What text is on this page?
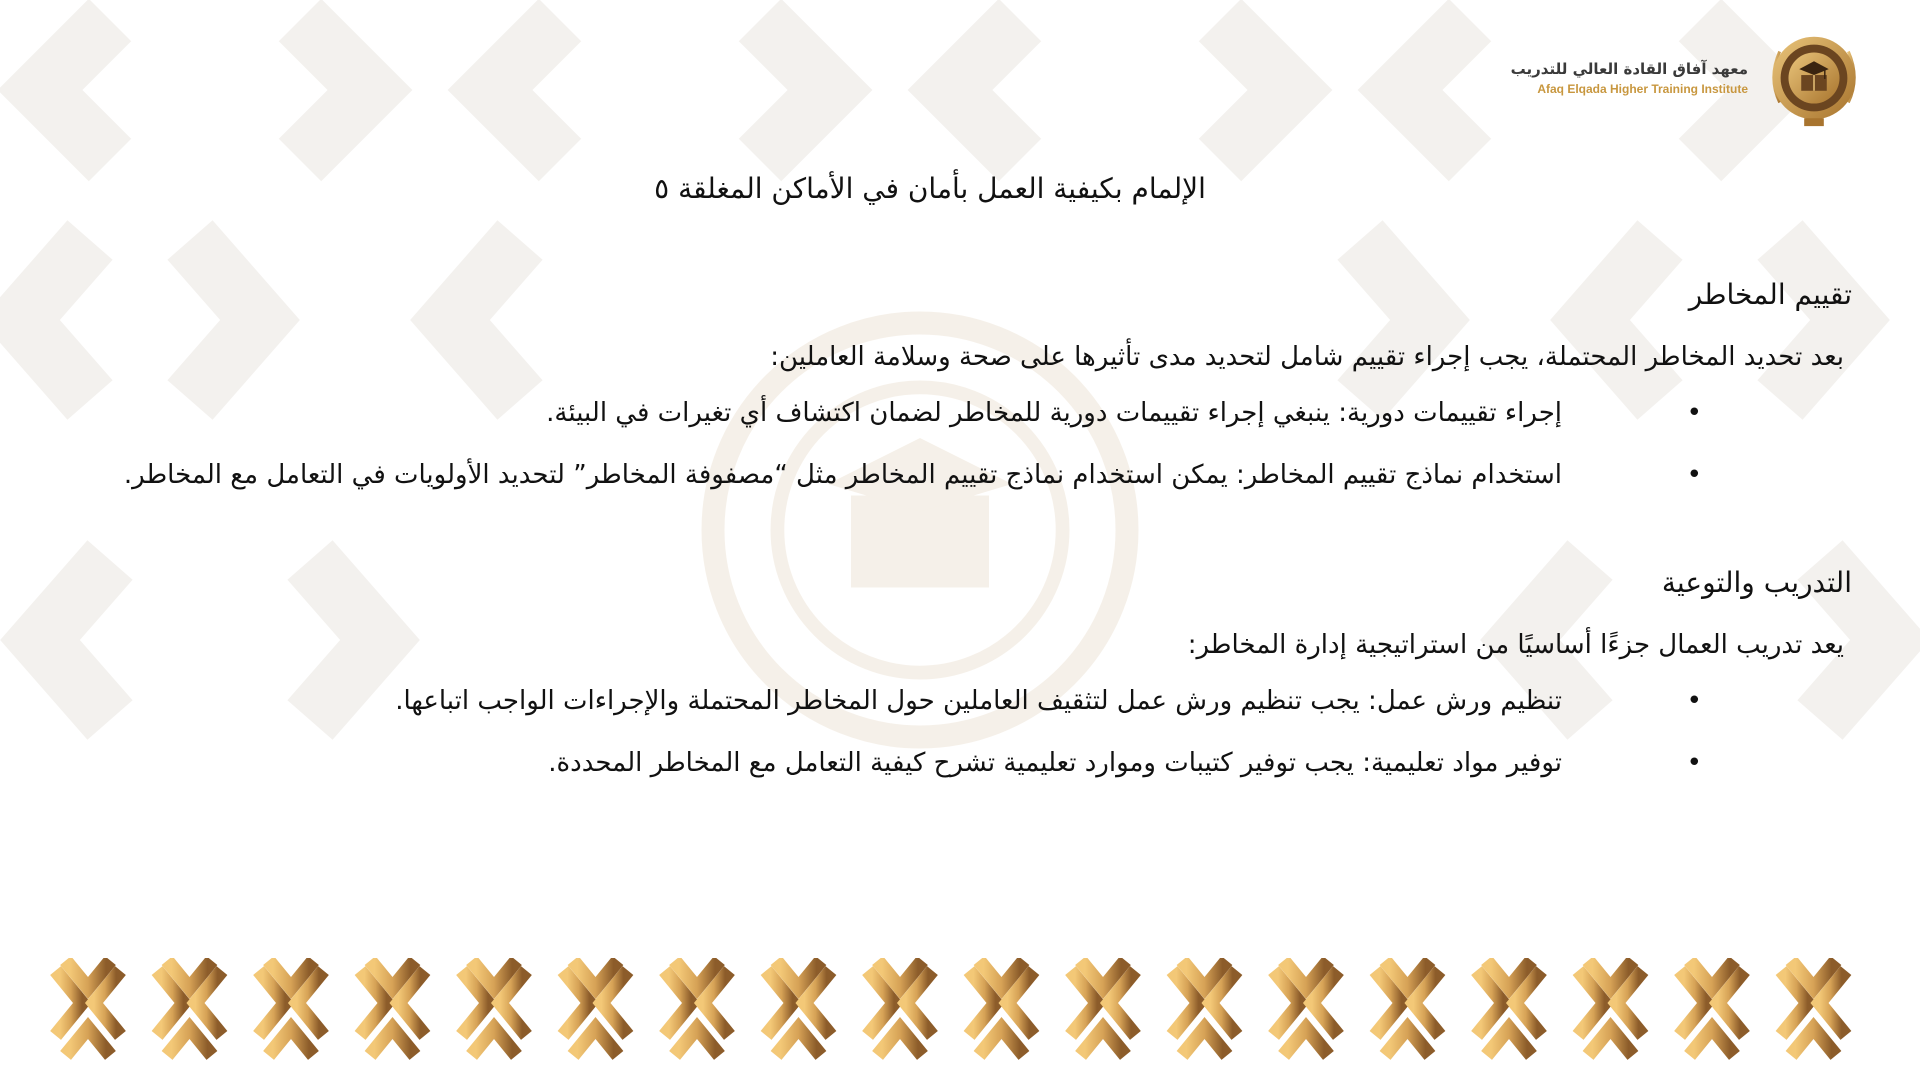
معهد آفاق القادة العالي للتدريب
Afaq Elqada Higher Training Institute
الإلمام بكيفية العمل بأمان في الأماكن المغلقة ٥
تقييم المخاطر
بعد تحديد المخاطر المحتملة، يجب إجراء تقييم شامل لتحديد مدى تأثيرها على صحة وسلامة العاملين:
•
إجراء تقييمات دورية: ينبغي إجراء تقييمات دورية للمخاطر لضمان اكتشاف أي تغيرات في البيئة.
•
استخدام نماذج تقييم المخاطر: يمكن استخدام نماذج تقييم المخاطر مثل “مصفوفة المخاطر” لتحديد الأولويات في التعامل مع المخاطر.
التدريب والتوعية
يعد تدريب العمال جزءًا أساسيًا من استراتيجية إدارة المخاطر:
•
تنظيم ورش عمل: يجب تنظيم ورش عمل لتثقيف العاملين حول المخاطر المحتملة والإجراءات الواجب اتباعها.
•
توفير مواد تعليمية: يجب توفير كتيبات وموارد تعليمية تشرح كيفية التعامل مع المخاطر المحددة.
